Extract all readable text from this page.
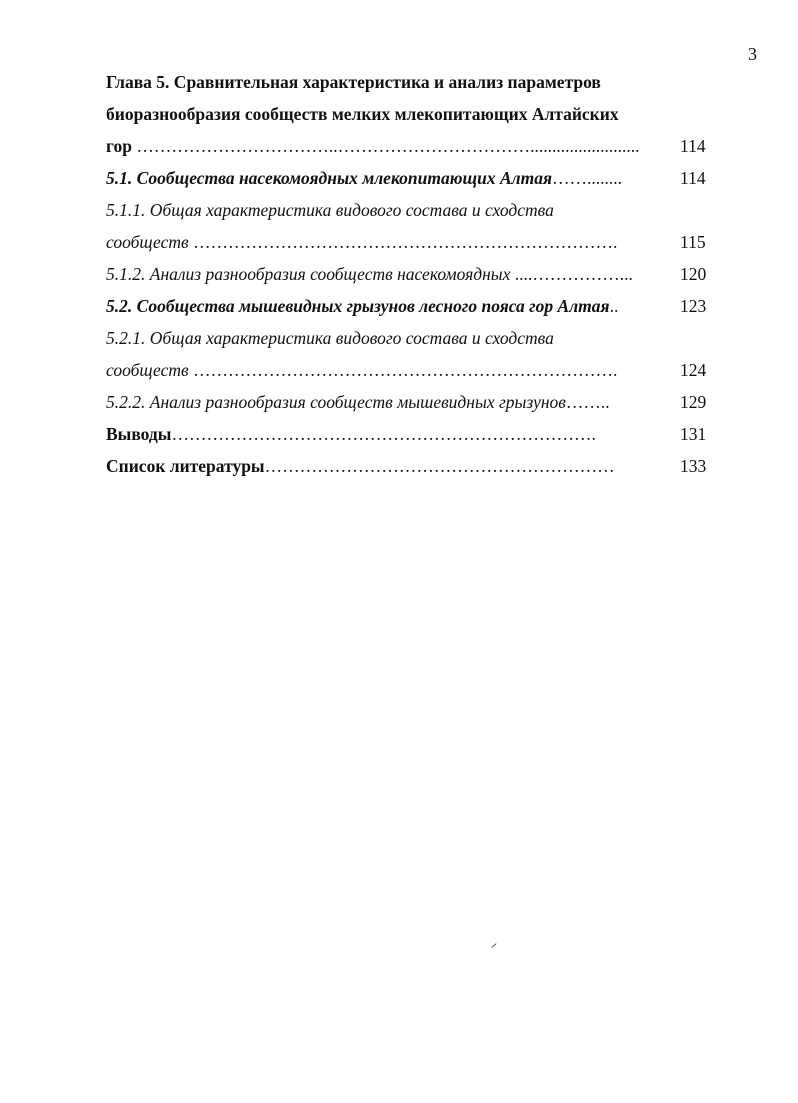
3
Глава 5. Сравнительная характеристика и анализ параметров
биоразнообразия сообществ мелких млекопитающих Алтайских
гор ……………………………..…………………………….........................	114
5.1. Сообщества насекомоядных млекопитающих Алтая……........	114
5.1.1. Общая характеристика видового состава и сходства
сообществ ……………………………………………………………….	115
5.1.2. Анализ разнообразия сообществ насекомоядных ....……………...	120
5.2. Сообщества мышевидных грызунов лесного пояса гор Алтая..	123
5.2.1. Общая характеристика видового состава и сходства
сообществ ……………………………………………………………….	124
5.2.2. Анализ разнообразия сообществ мышевидных грызунов……..	129
Выводы……………………………………………………………….	131
Список литературы……………………………………………………	133
